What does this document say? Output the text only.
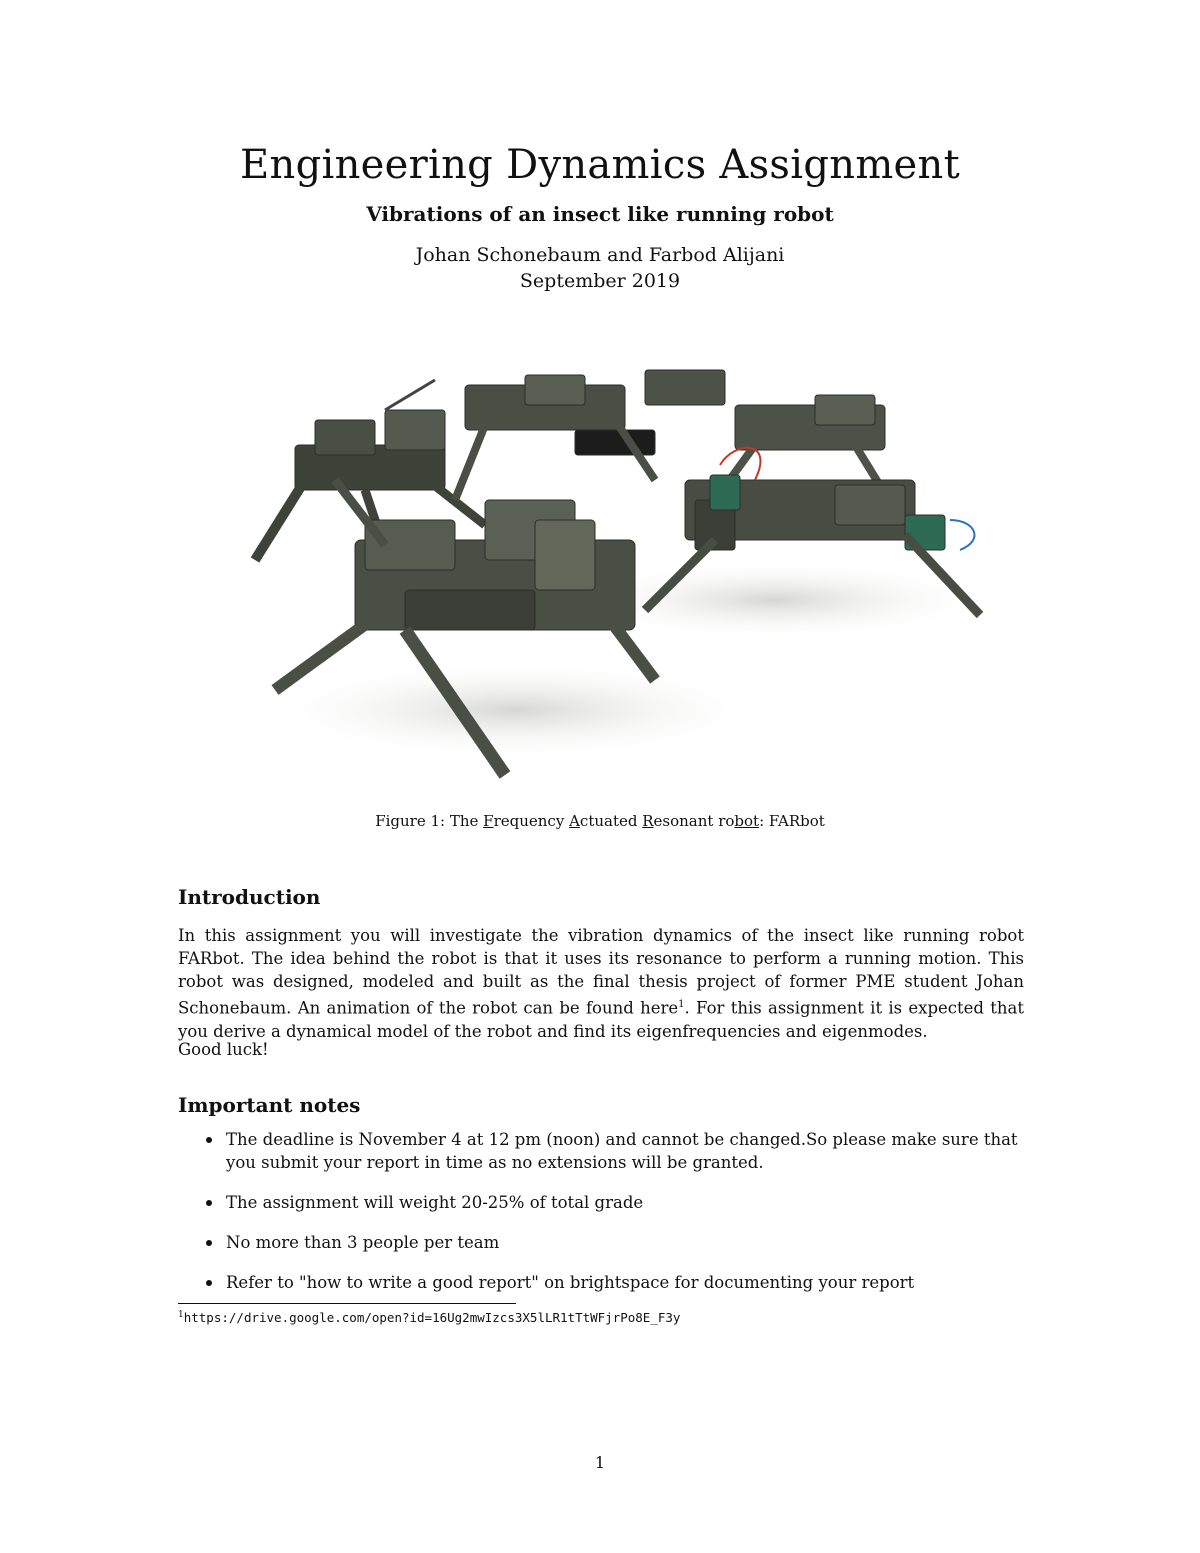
Engineering Dynamics Assignment
Vibrations of an insect like running robot
Johan Schonebaum and Farbod Alijani
September 2019
Figure 1: The Frequency Actuated Resonant robot: FARbot
Introduction
In this assignment you will investigate the vibration dynamics of the insect like running robot FARbot. The idea behind the robot is that it uses its resonance to perform a running motion. This robot was designed, modeled and built as the final thesis project of former PME student Johan Schonebaum. An animation of the robot can be found here$^1$. For this assignment it is expected that you derive a dynamical model of the robot and find its eigenfrequencies and eigenmodes.
Good luck!
Important notes
The deadline is November 4 at 12 pm (noon) and cannot be changed.So please make sure that you submit your report in time as no extensions will be granted.
The assignment will weight 20-25% of total grade
No more than 3 people per team
Refer to "how to write a good report" on brightspace for documenting your report
$^1$https://drive.google.com/open?id=16Ug2mwIzcs3X5lLR1tTtWFjrPo8E_F3y
1
